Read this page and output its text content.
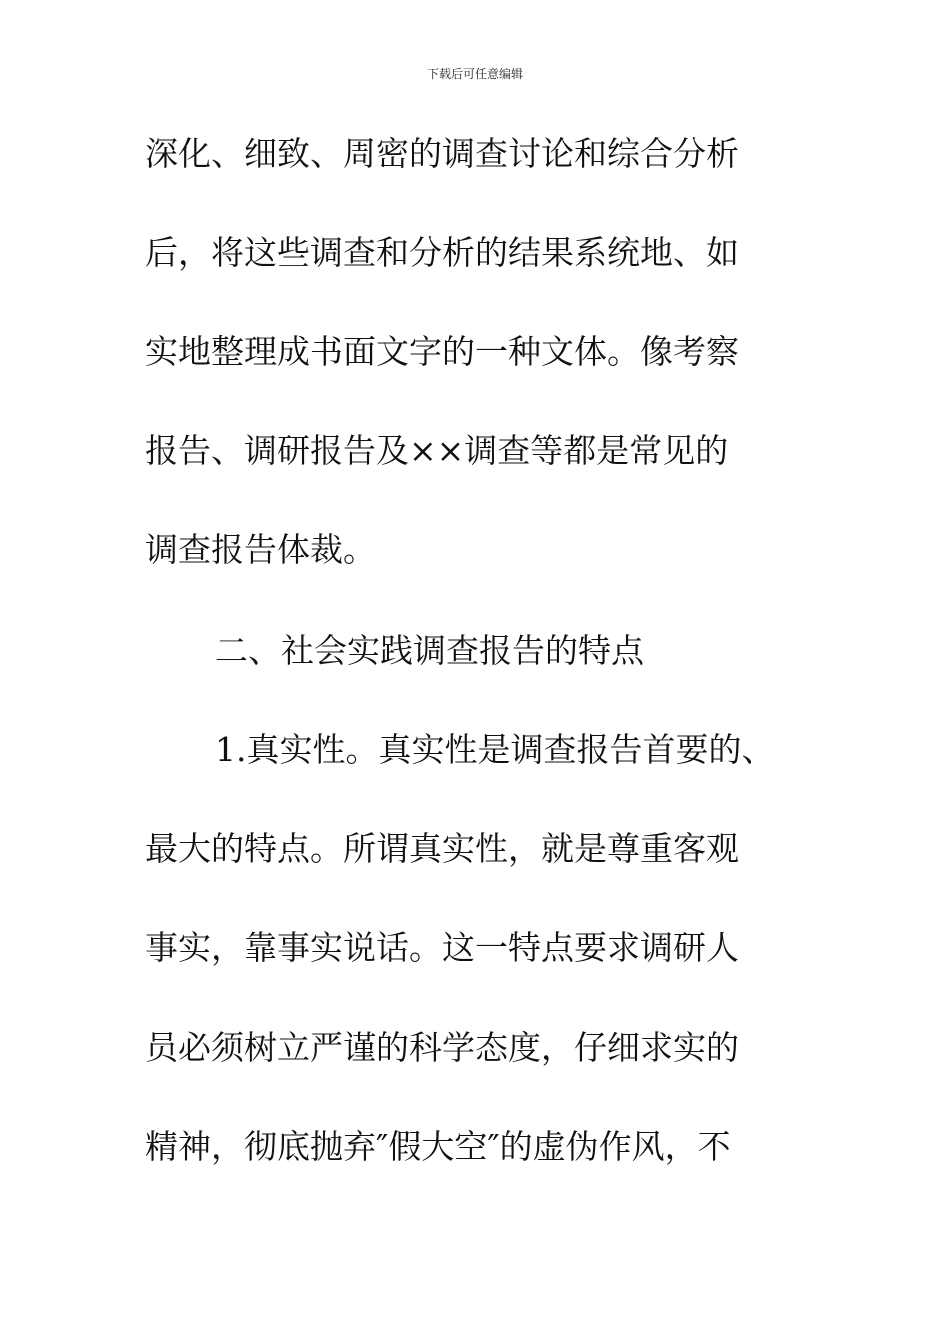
下载后可任意编辑
深化、细致、周密的调查讨论和综合分析
后，将这些调查和分析的结果系统地、如
实地整理成书面文字的一种文体。像考察
报告、调研报告及××调查等都是常见的
调查报告体裁。
二、社会实践调查报告的特点
1.真实性。真实性是调查报告首要的、
最大的特点。所谓真实性，就是尊重客观
事实，靠事实说话。这一特点要求调研人
员必须树立严谨的科学态度，仔细求实的
精神，彻底抛弃″假大空″的虚伪作风，不
